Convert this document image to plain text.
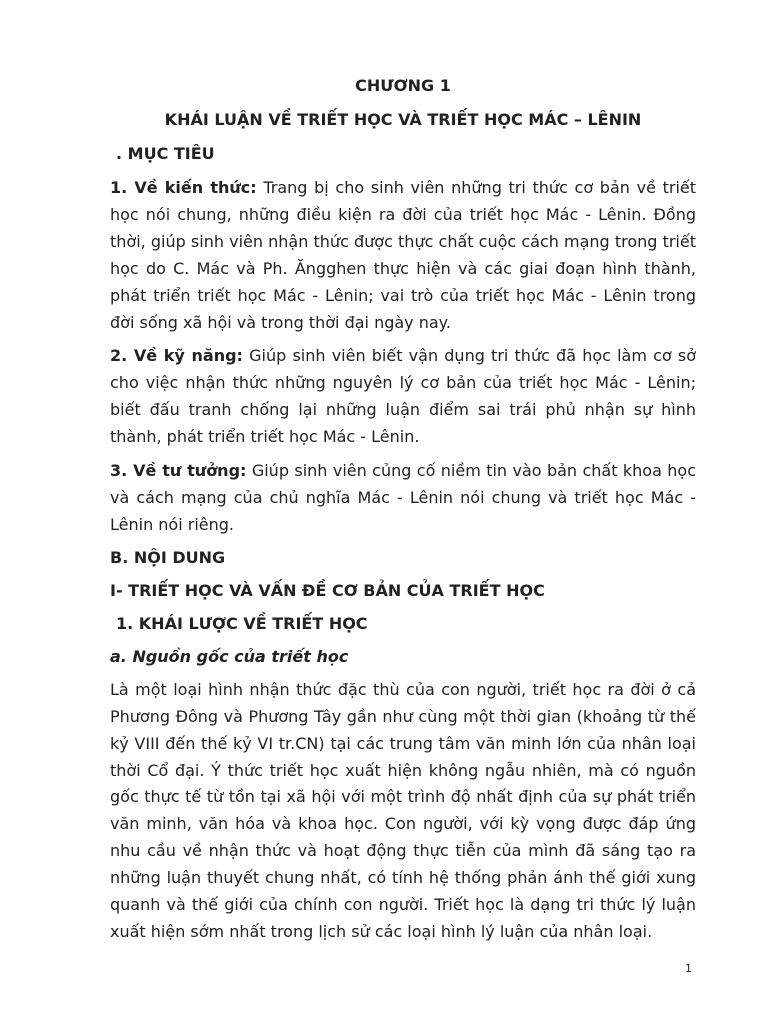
CHƯƠNG 1
KHÁI LUẬN VỀ TRIẾT HỌC VÀ TRIẾT HỌC MÁC – LÊNIN
. MỤC TIÊU

1. Về kiến thức: Trang bị cho sinh viên những tri thức cơ bản về triết học nói chung, những điều kiện ra đời của triết học Mác - Lênin. Đồng thời, giúp sinh viên nhận thức được thực chất cuộc cách mạng trong triết học do C. Mác và Ph. Ăngghen thực hiện và các giai đoạn hình thành, phát triển triết học Mác - Lênin; vai trò của triết học Mác - Lênin trong đời sống xã hội và trong thời đại ngày nay.

2. Về kỹ năng: Giúp sinh viên biết vận dụng tri thức đã học làm cơ sở cho việc nhận thức những nguyên lý cơ bản của triết học Mác - Lênin; biết đấu tranh chống lại những luận điểm sai trái phủ nhận sự hình thành, phát triển triết học Mác - Lênin.

3. Về tư tưởng: Giúp sinh viên củng cố niềm tin vào bản chất khoa học và cách mạng của chủ nghĩa Mác - Lênin nói chung và triết học Mác - Lênin nói riêng.

B. NỘI DUNG
I- TRIẾT HỌC VÀ VẤN ĐỀ CƠ BẢN CỦA TRIẾT HỌC
1. KHÁI LƯỢC VỀ TRIẾT HỌC
a. Nguồn gốc của triết học

Là một loại hình nhận thức đặc thù của con người, triết học ra đời ở cả Phương Đông và Phương Tây gần như cùng một thời gian (khoảng từ thế kỷ VIII đến thế kỷ VI tr.CN) tại các trung tâm văn minh lớn của nhân loại thời Cổ đại. Ý thức triết học xuất hiện không ngẫu nhiên, mà có nguồn gốc thực tế từ tồn tại xã hội với một trình độ nhất định của sự phát triển văn minh, văn hóa và khoa học. Con người, với kỳ vọng được đáp ứng nhu cầu về nhận thức và hoạt động thực tiễn của mình đã sáng tạo ra những luận thuyết chung nhất, có tính hệ thống phản ánh thế giới xung quanh và thế giới của chính con người. Triết học là dạng tri thức lý luận xuất hiện sớm nhất trong lịch sử các loại hình lý luận của nhân loại.

1
